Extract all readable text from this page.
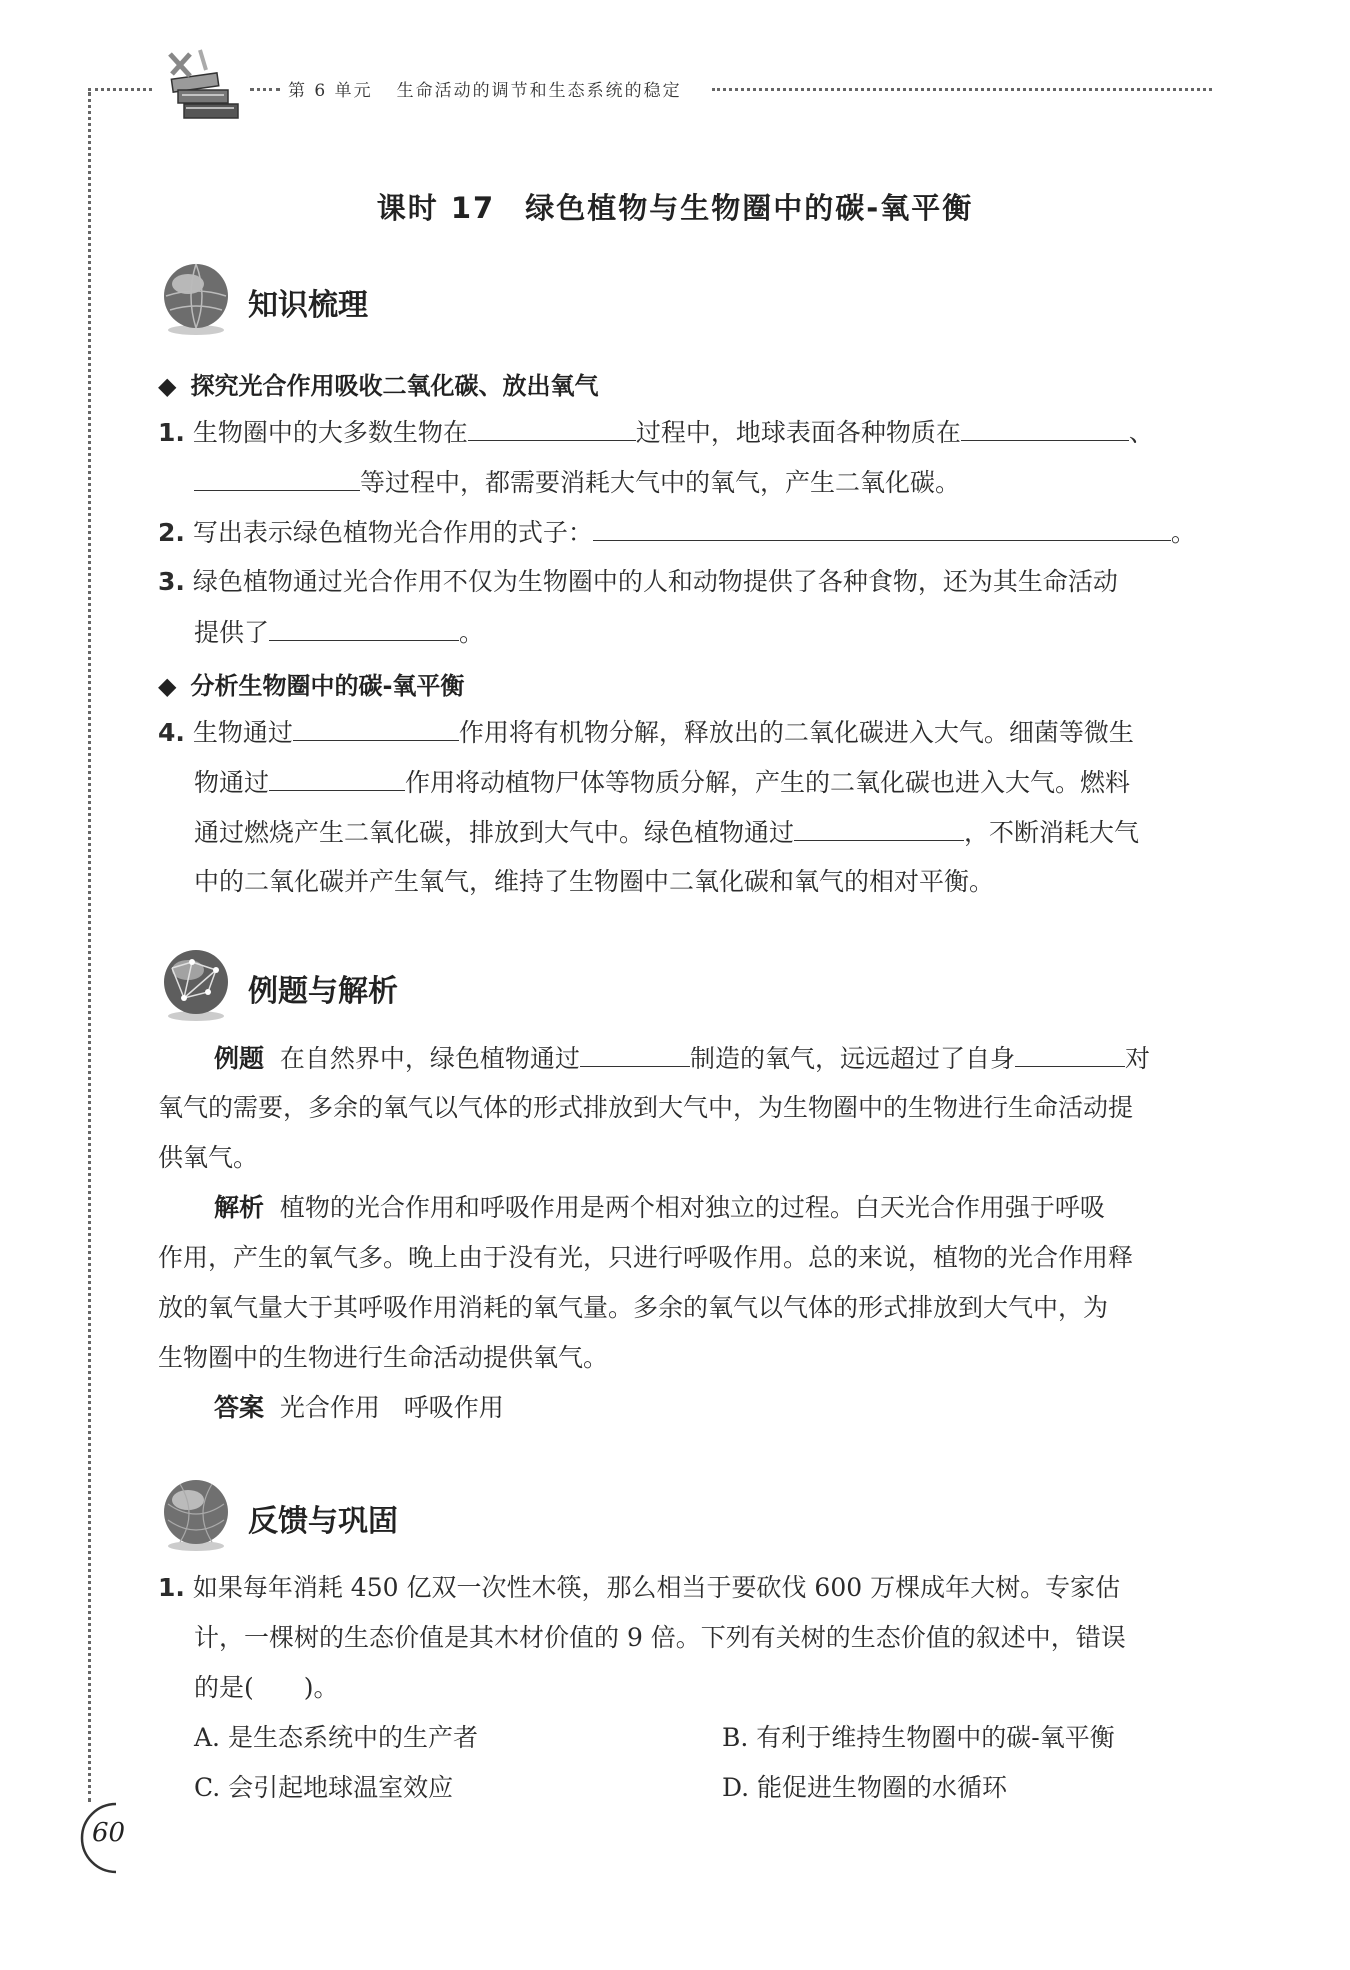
第 6 单元 生命活动的调节和生态系统的稳定
课时 17 绿色植物与生物圈中的碳-氧平衡
知识梳理
◆ 探究光合作用吸收二氧化碳、放出氧气
1. 生物圈中的大多数生物在	过程中，地球表面各种物质在	、
等过程中，都需要消耗大气中的氧气，产生二氧化碳。
2. 写出表示绿色植物光合作用的式子：	。
3. 绿色植物通过光合作用不仅为生物圈中的人和动物提供了各种食物，还为其生命活动
提供了	。
◆ 分析生物圈中的碳-氧平衡
4. 生物通过	作用将有机物分解，释放出的二氧化碳进入大气。细菌等微生
物通过	作用将动植物尸体等物质分解，产生的二氧化碳也进入大气。燃料
通过燃烧产生二氧化碳，排放到大气中。绿色植物通过	，不断消耗大气
中的二氧化碳并产生氧气，维持了生物圈中二氧化碳和氧气的相对平衡。
例题与解析
例题 在自然界中，绿色植物通过	制造的氧气，远远超过了自身	对
氧气的需要，多余的氧气以气体的形式排放到大气中，为生物圈中的生物进行生命活动提
供氧气。
解析 植物的光合作用和呼吸作用是两个相对独立的过程。白天光合作用强于呼吸
作用，产生的氧气多。晚上由于没有光，只进行呼吸作用。总的来说，植物的光合作用释
放的氧气量大于其呼吸作用消耗的氧气量。多余的氧气以气体的形式排放到大气中，为
生物圈中的生物进行生命活动提供氧气。
答案 光合作用 呼吸作用
反馈与巩固
1. 如果每年消耗 450 亿双一次性木筷，那么相当于要砍伐 600 万棵成年大树。专家估
计，一棵树的生态价值是其木材价值的 9 倍。下列有关树的生态价值的叙述中，错误
的是(　　)。
A. 是生态系统中的生产者	B. 有利于维持生物圈中的碳-氧平衡
C. 会引起地球温室效应	D. 能促进生物圈的水循环
60
